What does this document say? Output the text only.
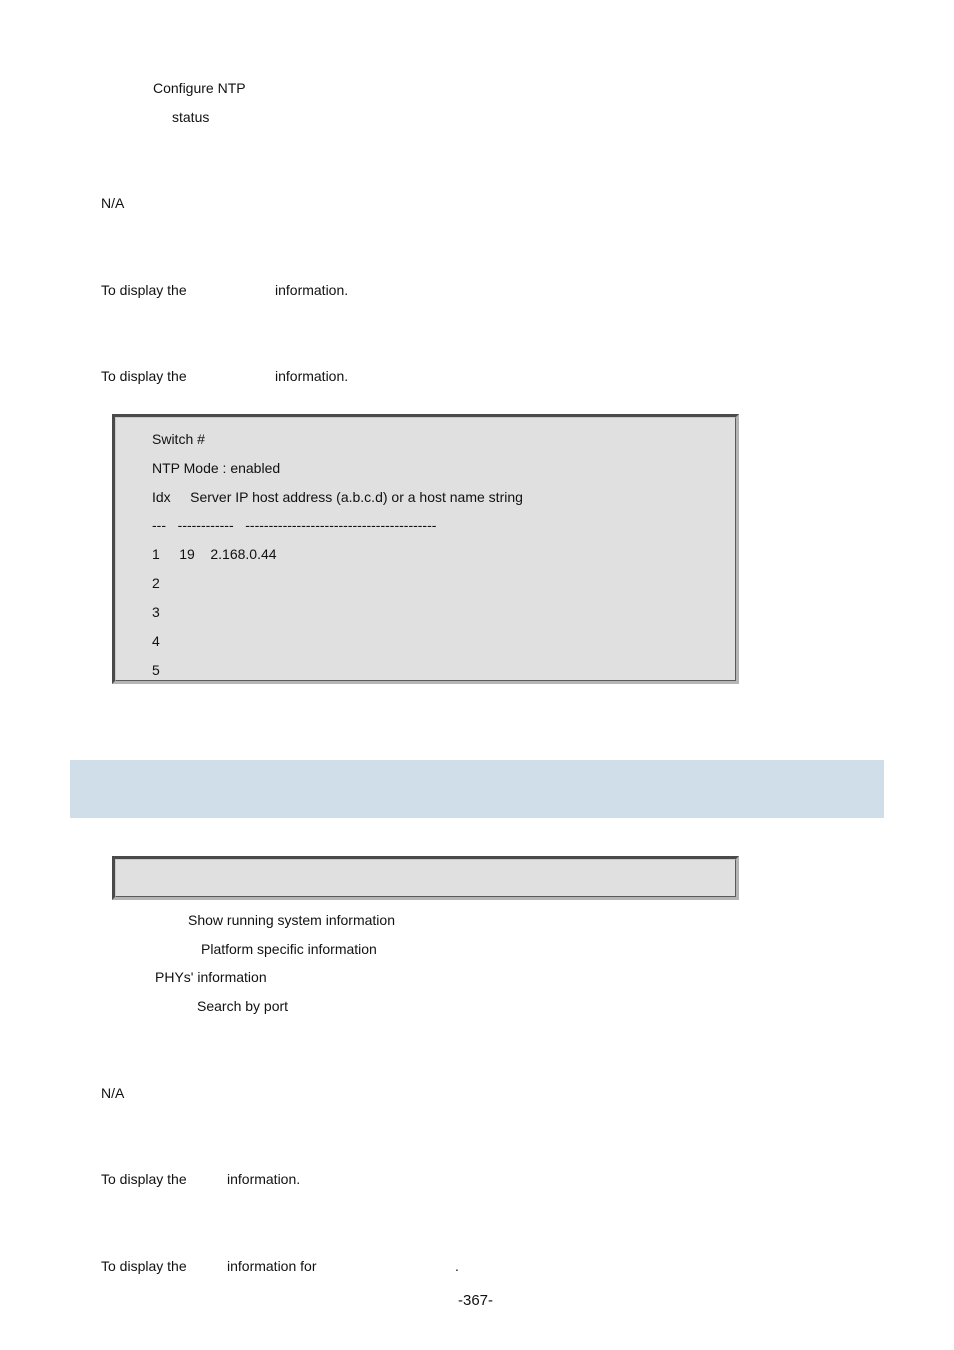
Configure NTP
status
N/A
To display the	information.
To display the	information.
Switch #
NTP Mode : enabled
Idx     Server IP host address (a.b.c.d) or a host name string
---   ------------   -----------------------------------------
1     19    2.168.0.44
2
3
4
5
Show running system information
Platform specific information
PHYs' information
Search by port
N/A
To display the	information.
To display the	information for	.
-367-
